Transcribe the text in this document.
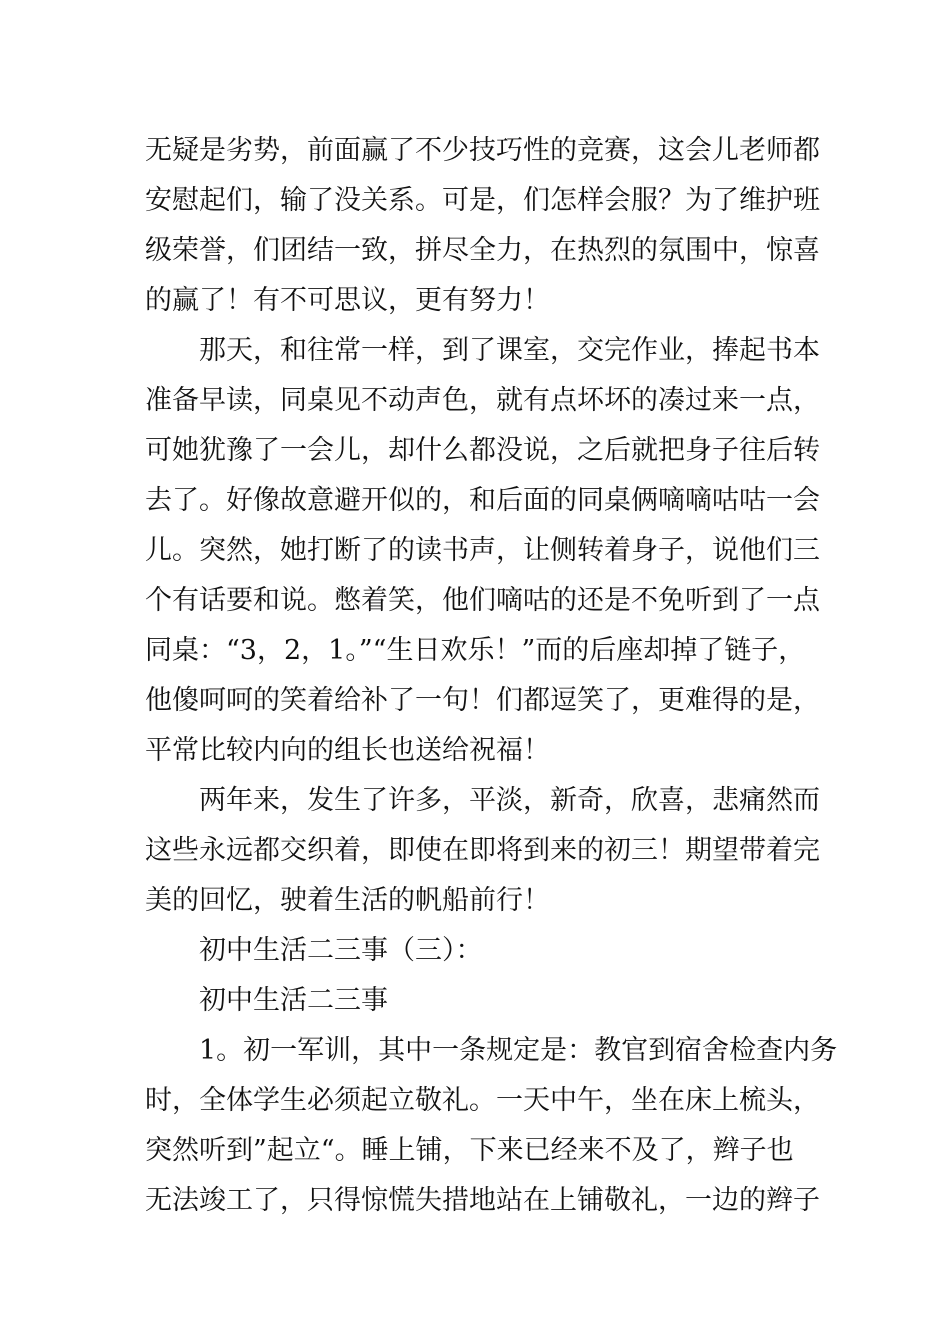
无疑是劣势，前面赢了不少技巧性的竞赛，这会儿老师都
安慰起们，输了没关系。可是，们怎样会服？为了维护班
级荣誉，们团结一致，拼尽全力，在热烈的氛围中，惊喜
的赢了！有不可思议，更有努力！
那天，和往常一样，到了课室，交完作业，捧起书本
准备早读，同桌见不动声色，就有点坏坏的凑过来一点，
可她犹豫了一会儿，却什么都没说，之后就把身子往后转
去了。好像故意避开似的，和后面的同桌俩嘀嘀咕咕一会
儿。突然，她打断了的读书声，让侧转着身子，说他们三
个有话要和说。憋着笑，他们嘀咕的还是不免听到了一点
同桌：“3，2，1。”“生日欢乐！”而的后座却掉了链子，
他傻呵呵的笑着给补了一句！们都逗笑了，更难得的是，
平常比较内向的组长也送给祝福！
两年来，发生了许多，平淡，新奇，欣喜，悲痛然而
这些永远都交织着，即使在即将到来的初三！期望带着完
美的回忆，驶着生活的帆船前行！
初中生活二三事（三）：
初中生活二三事
1。初一军训，其中一条规定是：教官到宿舍检查内务
时，全体学生必须起立敬礼。一天中午，坐在床上梳头，
突然听到”起立“。睡上铺，下来已经来不及了，辫子也
无法竣工了，只得惊慌失措地站在上铺敬礼，一边的辫子
